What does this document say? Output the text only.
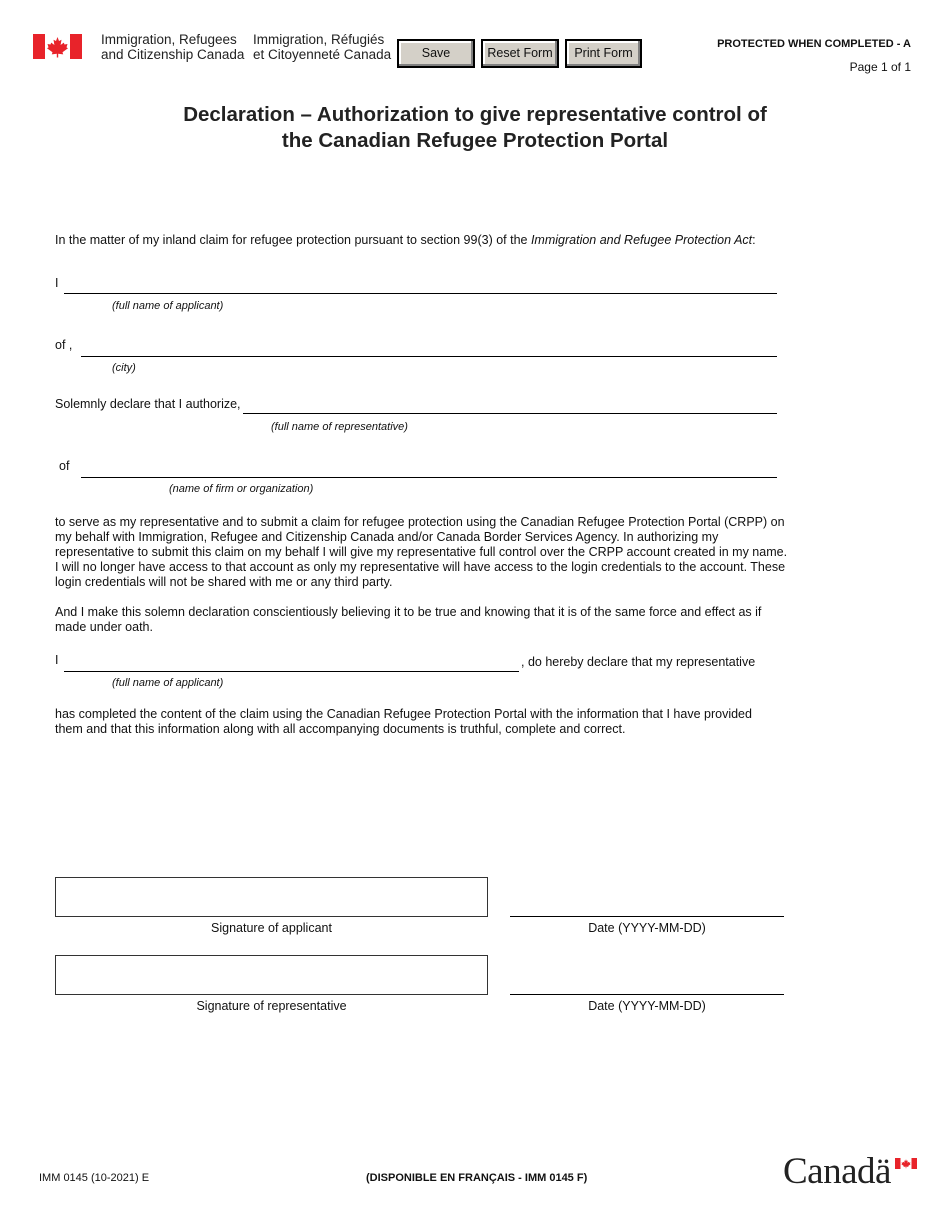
Immigration, Refugees
and Citizenship Canada
Immigration, Réfugiés
et Citoyenneté Canada	Save	Reset Form	Print Form
PROTECTED WHEN COMPLETED - A
Page 1 of 1
Declaration – Authorization to give representative control of
the Canadian Refugee Protection Portal
In the matter of my inland claim for refugee protection pursuant to section 99(3) of the Immigration and Refugee Protection Act:
I
(full name of applicant)
of ,
(city)
Solemnly declare that I authorize,
(full name of representative)
of
(name of firm or organization)
to serve as my representative and to submit a claim for refugee protection using the Canadian Refugee Protection Portal (CRPP) on
my behalf with Immigration, Refugee and Citizenship Canada and/or Canada Border Services Agency. In authorizing my
representative to submit this claim on my behalf I will give my representative full control over the CRPP account created in my name.
I will no longer have access to that account as only my representative will have access to the login credentials to the account. These
login credentials will not be shared with me or any third party.
And I make this solemn declaration conscientiously believing it to be true and knowing that it is of the same force and effect as if
made under oath.
I	, do hereby declare that my representative
(full name of applicant)
has completed the content of the claim using the Canadian Refugee Protection Portal with the information that I have provided
them and that this information along with all accompanying documents is truthful, complete and correct.
Signature of applicant	Date (YYYY-MM-DD)
Signature of representative	Date (YYYY-MM-DD)
IMM 0145 (10-2021) E	(DISPONIBLE EN FRANÇAIS - IMM 0145 F)	Canadä
